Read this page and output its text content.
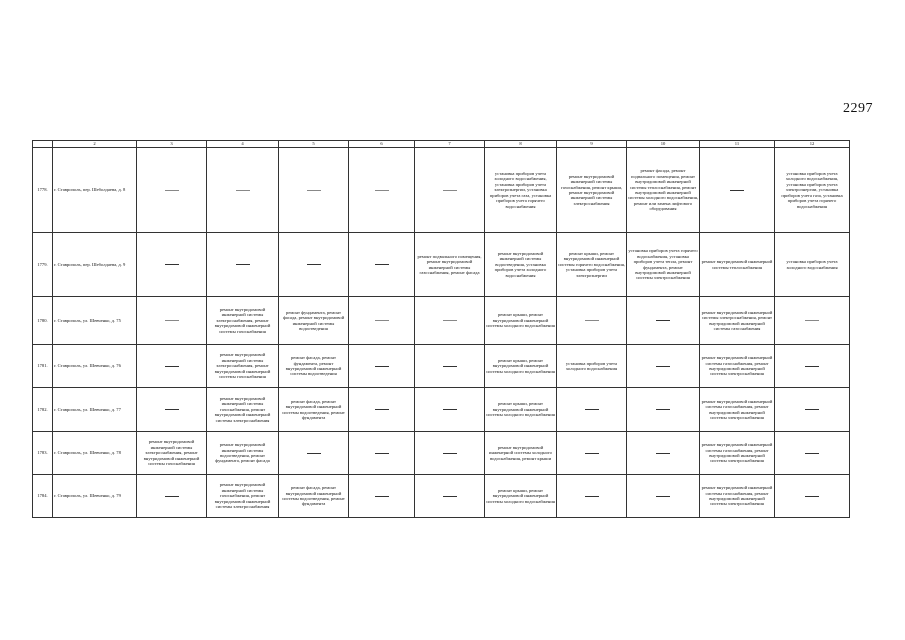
2297
	2	3	4	5	6	7	8	9	10	11	12
1778.	г. Ставрополь, пер. Шеболдаева, д. 8						установка приборов учета холодного водоснабжения, установка приборов учета электроэнергии, установка приборов учета газа, установка приборов учета горячего водоснабжения	ремонт внутридомовой инженерной системы газоснабжения, ремонт крыши, ремонт внутридомовой инженерной системы электроснабжения	ремонт фасада, ремонт подвального помещения, ремонт внутридомовой инженерной системы теплоснабжения, ремонт внутридомовой инженерной системы холодного водоснабжения, ремонт или замена лифтового оборудования		установка приборов учета холодного водоснабжения, установка приборов учета электроэнергии, установка приборов учета газа, установка приборов учета горячего водоснабжения
1779.	г. Ставрополь, пер. Шеболдаева, д. 9					ремонт подвального помещения, ремонт внутридомовой инженерной системы газоснабжения, ремонт фасада	ремонт внутридомовой инженерной системы водоотведения, установка приборов учета холодного водоснабжения	ремонт крыши, ремонт внутридомовой инженерной системы горячего водоснабжения, установка приборов учета электроэнергии	установка приборов учета горячего водоснабжения, установка приборов учета тепла, ремонт фундамента, ремонт внутридомовой инженерной системы электроснабжения	ремонт внутридомовой инженерной системы теплоснабжения	установка приборов учета холодного водоснабжения
1780.	г. Ставрополь, ул. Шевченко, д. 75		ремонт внутридомовой инженерной системы электроснабжения, ремонт внутридомовой инженерной системы газоснабжения	ремонт фундамента, ремонт фасада, ремонт внутридомовой инженерной системы водоотведения			ремонт крыши, ремонт внутридомовой инженерной системы холодного водоснабжения			ремонт внутридомовой инженерной системы электроснабжения, ремонт внутридомовой инженерной системы газоснабжения	
1781.	г. Ставрополь, ул. Шевченко, д. 76		ремонт внутридомовой инженерной системы электроснабжения, ремонт внутридомовой инженерной системы газоснабжения	ремонт фасада, ремонт фундамента, ремонт внутридомовой инженерной системы водоотведения			ремонт крыши, ремонт внутридомовой инженерной системы холодного водоснабжения	установка приборов учета холодного водоснабжения		ремонт внутридомовой инженерной системы газоснабжения, ремонт внутридомовой инженерной системы электроснабжения	
1782.	г. Ставрополь, ул. Шевченко, д. 77		ремонт внутридомовой инженерной системы газоснабжения, ремонт внутридомовой инженерной системы электроснабжения	ремонт фасада, ремонт внутридомовой инженерной системы водоотведения, ремонт фундамента			ремонт крыши, ремонт внутридомовой инженерной системы холодного водоснабжения			ремонт внутридомовой инженерной системы газоснабжения, ремонт внутридомовой инженерной системы электроснабжения	
1783.	г. Ставрополь, ул. Шевченко, д. 78	ремонт внутридомовой инженерной системы электроснабжения, ремонт внутридомовой инженерной системы газоснабжения	ремонт внутридомовой инженерной системы водоотведения, ремонт фундамента, ремонт фасада				ремонт внутридомовой инженерной системы холодного водоснабжения, ремонт крыши			ремонт внутридомовой инженерной системы газоснабжения, ремонт внутридомовой инженерной системы электроснабжения	
1784.	г. Ставрополь, ул. Шевченко, д. 79		ремонт внутридомовой инженерной системы газоснабжения, ремонт внутридомовой инженерной системы электроснабжения	ремонт фасада, ремонт внутридомовой инженерной системы водоотведения, ремонт фундамента			ремонт крыши, ремонт внутридомовой инженерной системы холодного водоснабжения			ремонт внутридомовой инженерной системы газоснабжения, ремонт внутридомовой инженерной системы электроснабжения	
